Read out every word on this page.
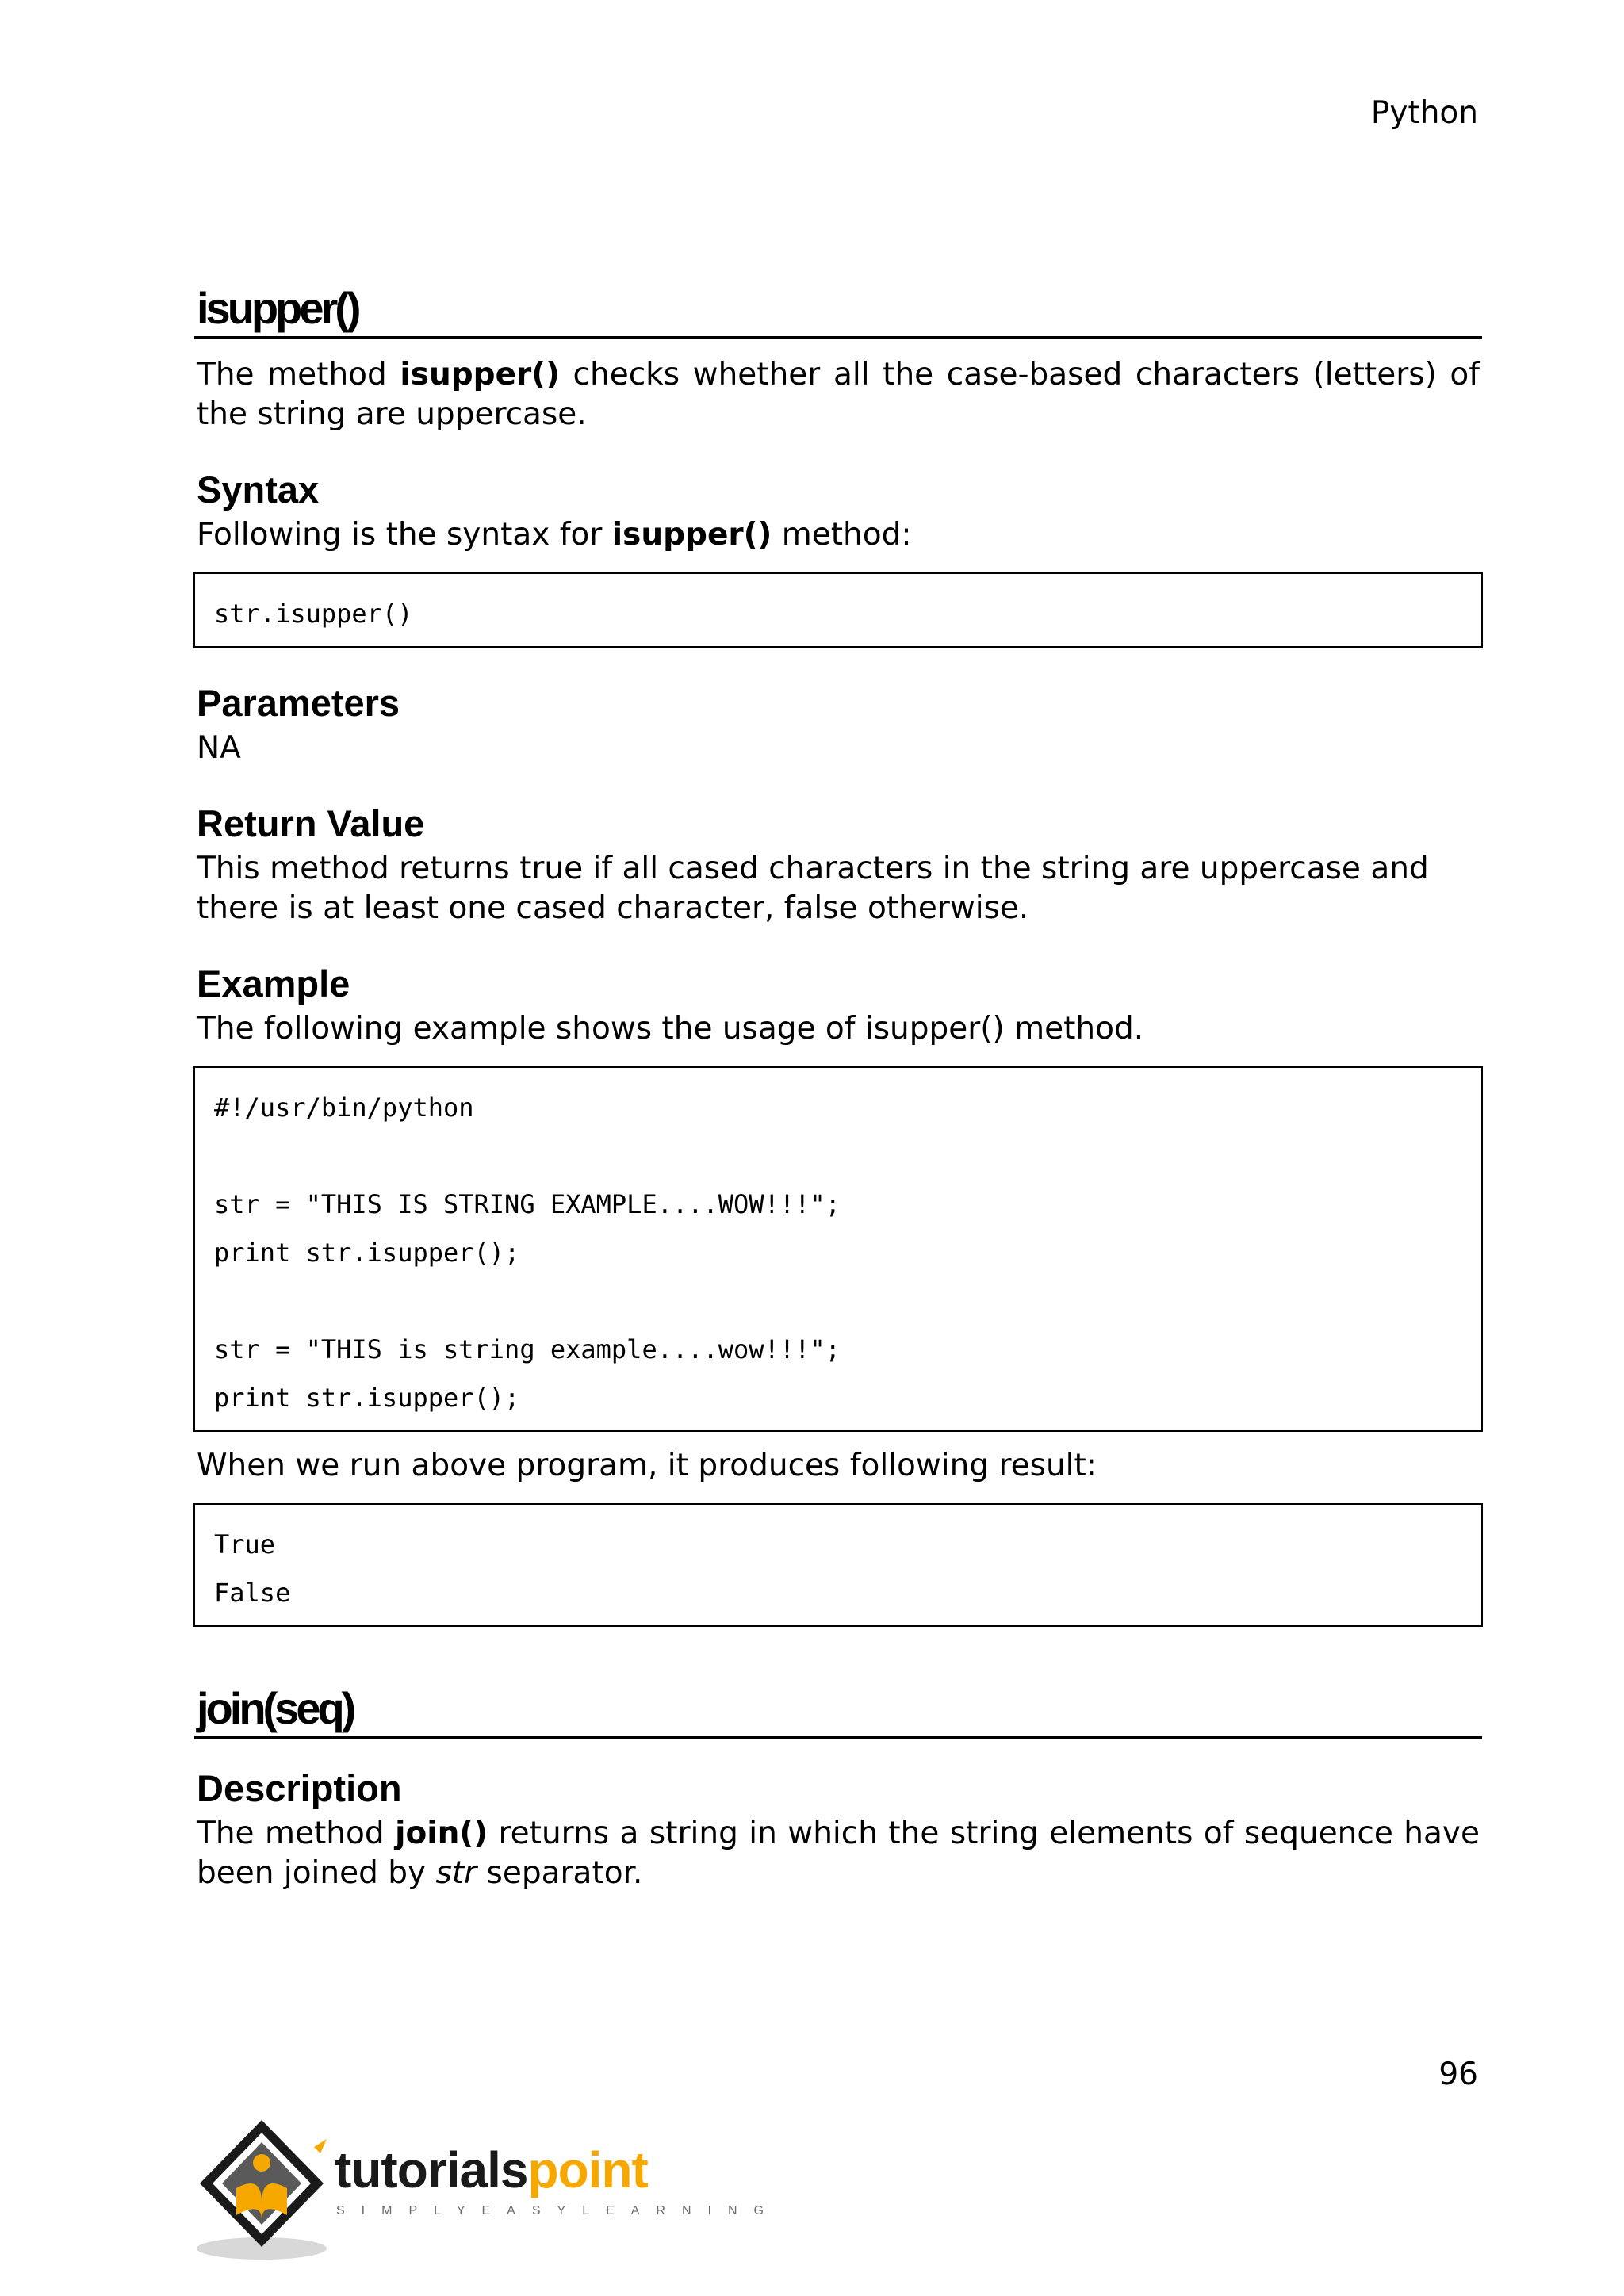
Python
isupper()

The method isupper() checks whether all the case-based characters (letters) of the string are uppercase.

Syntax

Following is the syntax for isupper() method:

str.isupper()
Parameters

NA

Return Value

This method returns true if all cased characters in the string are uppercase and there is at least one cased character, false otherwise.

Example

The following example shows the usage of isupper() method.

#!/usr/bin/python
str = "THIS IS STRING EXAMPLE....WOW!!!";
print str.isupper();
str = "THIS is string example....wow!!!";
print str.isupper();

When we run above program, it produces following result:

True
False
join(seq)
Description

The method join() returns a string in which the string elements of sequence have been joined by str separator.

96
tutorialspoint
SIMPLYEASYLEARNING
